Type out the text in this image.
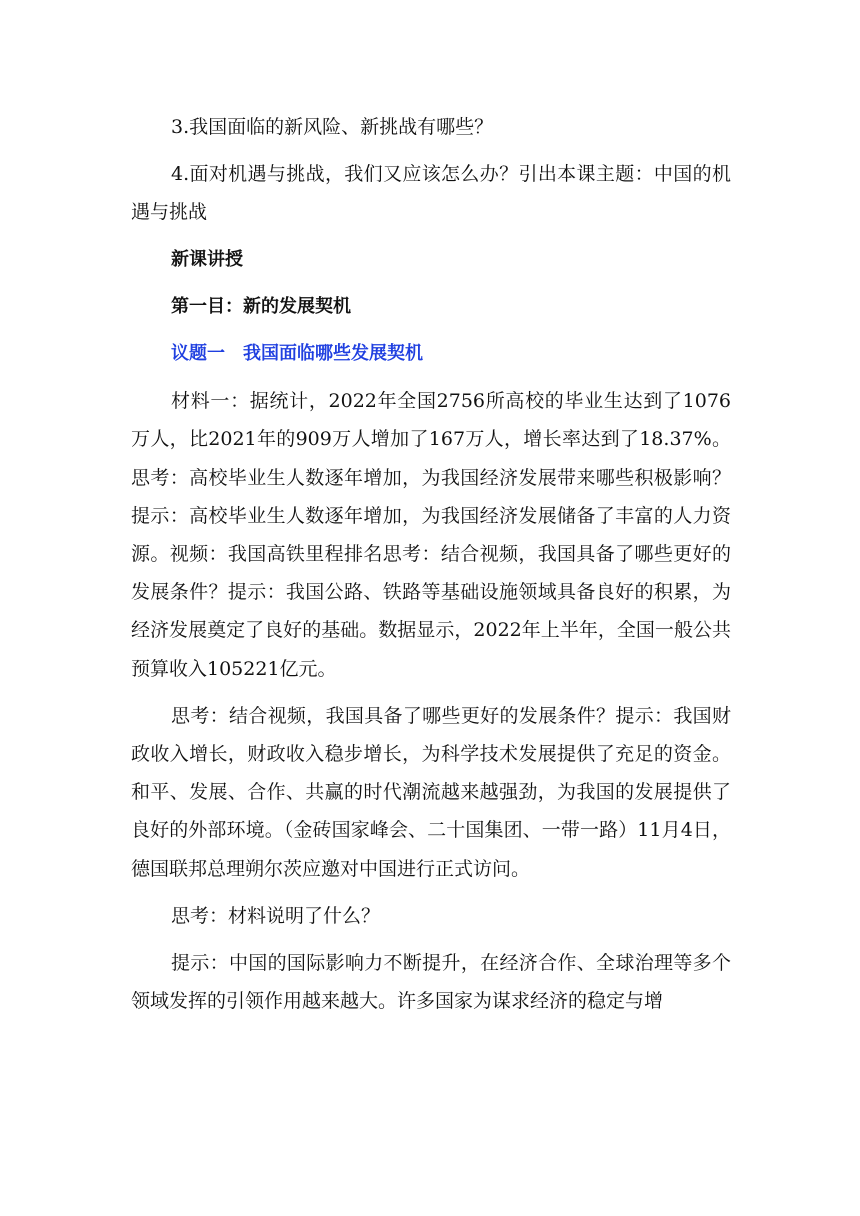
3.我国面临的新风险、新挑战有哪些？

4.面对机遇与挑战，我们又应该怎么办？引出本课主题：中国的机遇与挑战

新课讲授
第一目：新的发展契机
议题一　我国面临哪些发展契机

材料一：据统计，2022年全国2756所高校的毕业生达到了1076万人，比2021年的909万人增加了167万人，增长率达到了18.37%。思考：高校毕业生人数逐年增加，为我国经济发展带来哪些积极影响？提示：高校毕业生人数逐年增加，为我国经济发展储备了丰富的人力资源。视频：我国高铁里程排名思考：结合视频，我国具备了哪些更好的发展条件？提示：我国公路、铁路等基础设施领域具备良好的积累，为经济发展奠定了良好的基础。数据显示，2022年上半年，全国一般公共预算收入105221亿元。

思考：结合视频，我国具备了哪些更好的发展条件？提示：我国财政收入增长，财政收入稳步增长，为科学技术发展提供了充足的资金。和平、发展、合作、共赢的时代潮流越来越强劲，为我国的发展提供了良好的外部环境。（金砖国家峰会、二十国集团、一带一路）11月4日，德国联邦总理朔尔茨应邀对中国进行正式访问。

思考：材料说明了什么？

提示：中国的国际影响力不断提升，在经济合作、全球治理等多个领域发挥的引领作用越来越大。许多国家为谋求经济的稳定与增
